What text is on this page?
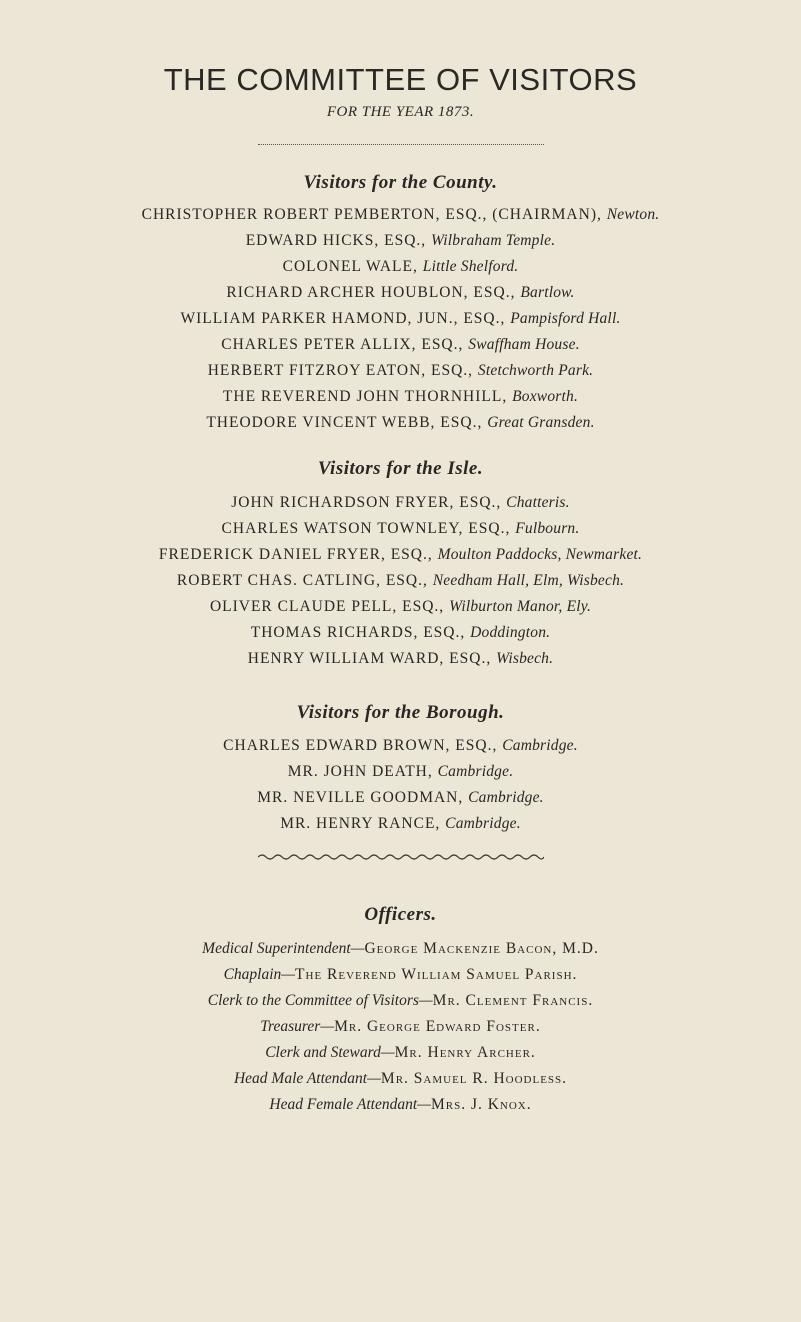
THE COMMITTEE OF VISITORS
FOR THE YEAR 1873.
Visitors for the County.
CHRISTOPHER ROBERT PEMBERTON, ESQ., (CHAIRMAN), Newton.
EDWARD HICKS, ESQ., Wilbraham Temple.
COLONEL WALE, Little Shelford.
RICHARD ARCHER HOUBLON, ESQ., Bartlow.
WILLIAM PARKER HAMOND, JUN., ESQ., Pampisford Hall.
CHARLES PETER ALLIX, ESQ., Swaffham House.
HERBERT FITZROY EATON, ESQ., Stetchworth Park.
THE REVEREND JOHN THORNHILL, Boxworth.
THEODORE VINCENT WEBB, ESQ., Great Gransden.
Visitors for the Isle.
JOHN RICHARDSON FRYER, ESQ., Chatteris.
CHARLES WATSON TOWNLEY, ESQ., Fulbourn.
FREDERICK DANIEL FRYER, ESQ., Moulton Paddocks, Newmarket.
ROBERT CHAS. CATLING, ESQ., Needham Hall, Elm, Wisbech.
OLIVER CLAUDE PELL, ESQ., Wilburton Manor, Ely.
THOMAS RICHARDS, ESQ., Doddington.
HENRY WILLIAM WARD, ESQ., Wisbech.
Visitors for the Borough.
CHARLES EDWARD BROWN, ESQ., Cambridge.
MR. JOHN DEATH, Cambridge.
MR. NEVILLE GOODMAN, Cambridge.
MR. HENRY RANCE, Cambridge.
Officers.
Medical Superintendent—George Mackenzie Bacon, M.D.
Chaplain—The Reverend William Samuel Parish.
Clerk to the Committee of Visitors—Mr. Clement Francis.
Treasurer—Mr. George Edward Foster.
Clerk and Steward—Mr. Henry Archer.
Head Male Attendant—Mr. Samuel R. Hoodless.
Head Female Attendant—Mrs. J. Knox.
